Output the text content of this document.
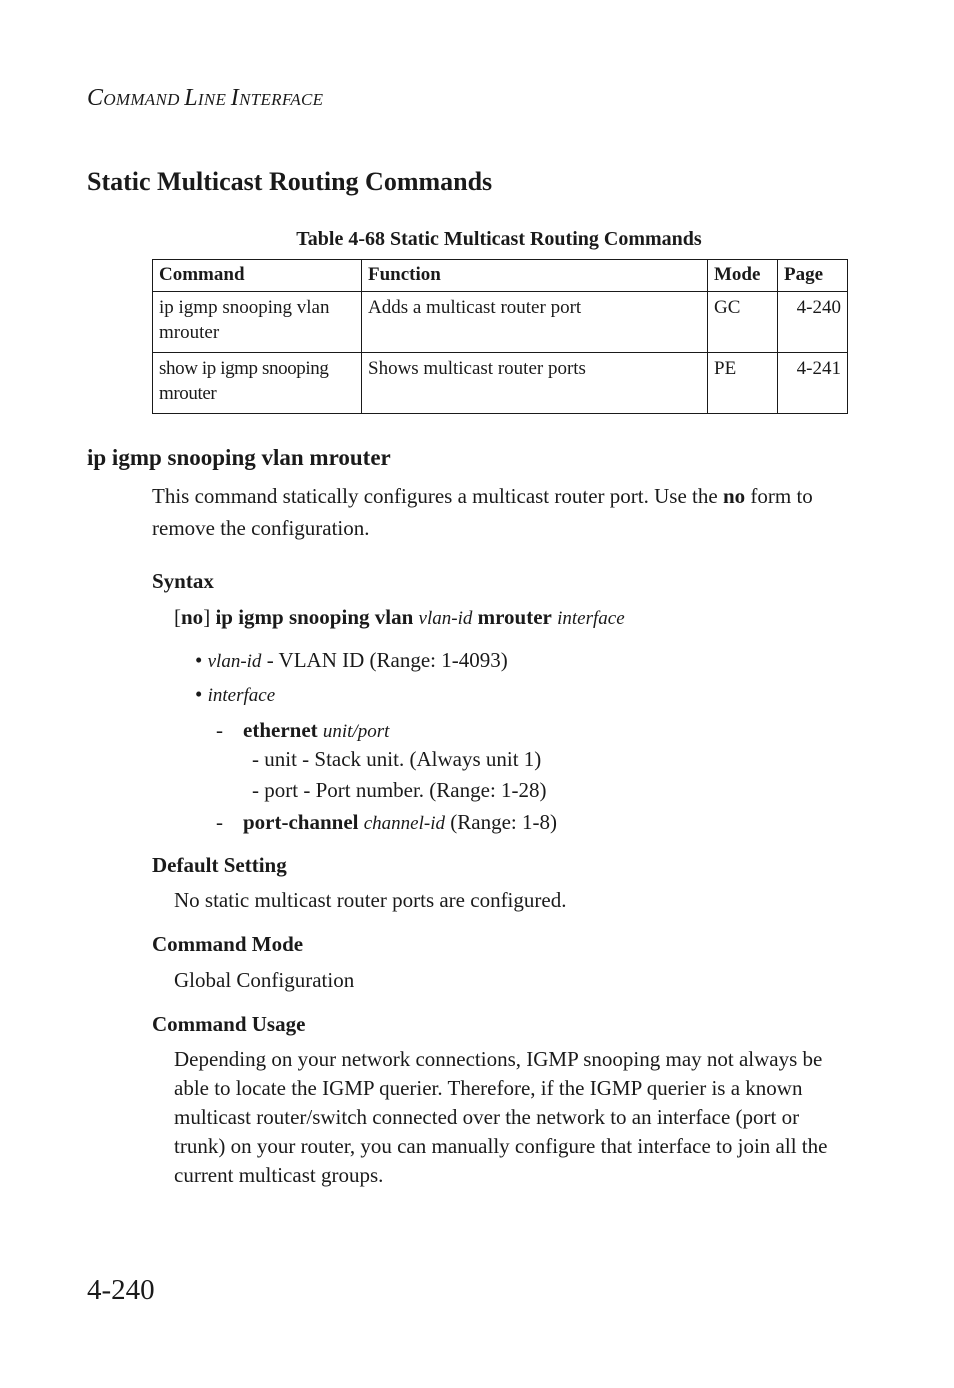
COMMAND LINE INTERFACE
Static Multicast Routing Commands
Table 4-68 Static Multicast Routing Commands
Command	Function	Mode	Page
ip igmp snooping vlan mrouter	Adds a multicast router port	GC	4-240
show ip igmp snooping mrouter	Shows multicast router ports	PE	4-241
ip igmp snooping vlan mrouter
This command statically configures a multicast router port. Use the no form to remove the configuration.
Syntax
[no] ip igmp snooping vlan vlan-id mrouter interface
• vlan-id - VLAN ID (Range: 1-4093)
• interface
- ethernet unit/port
- unit - Stack unit. (Always unit 1)
- port - Port number. (Range: 1-28)
- port-channel channel-id (Range: 1-8)
Default Setting
No static multicast router ports are configured.
Command Mode
Global Configuration
Command Usage
Depending on your network connections, IGMP snooping may not always be able to locate the IGMP querier. Therefore, if the IGMP querier is a known multicast router/switch connected over the network to an interface (port or trunk) on your router, you can manually configure that interface to join all the current multicast groups.
4-240
